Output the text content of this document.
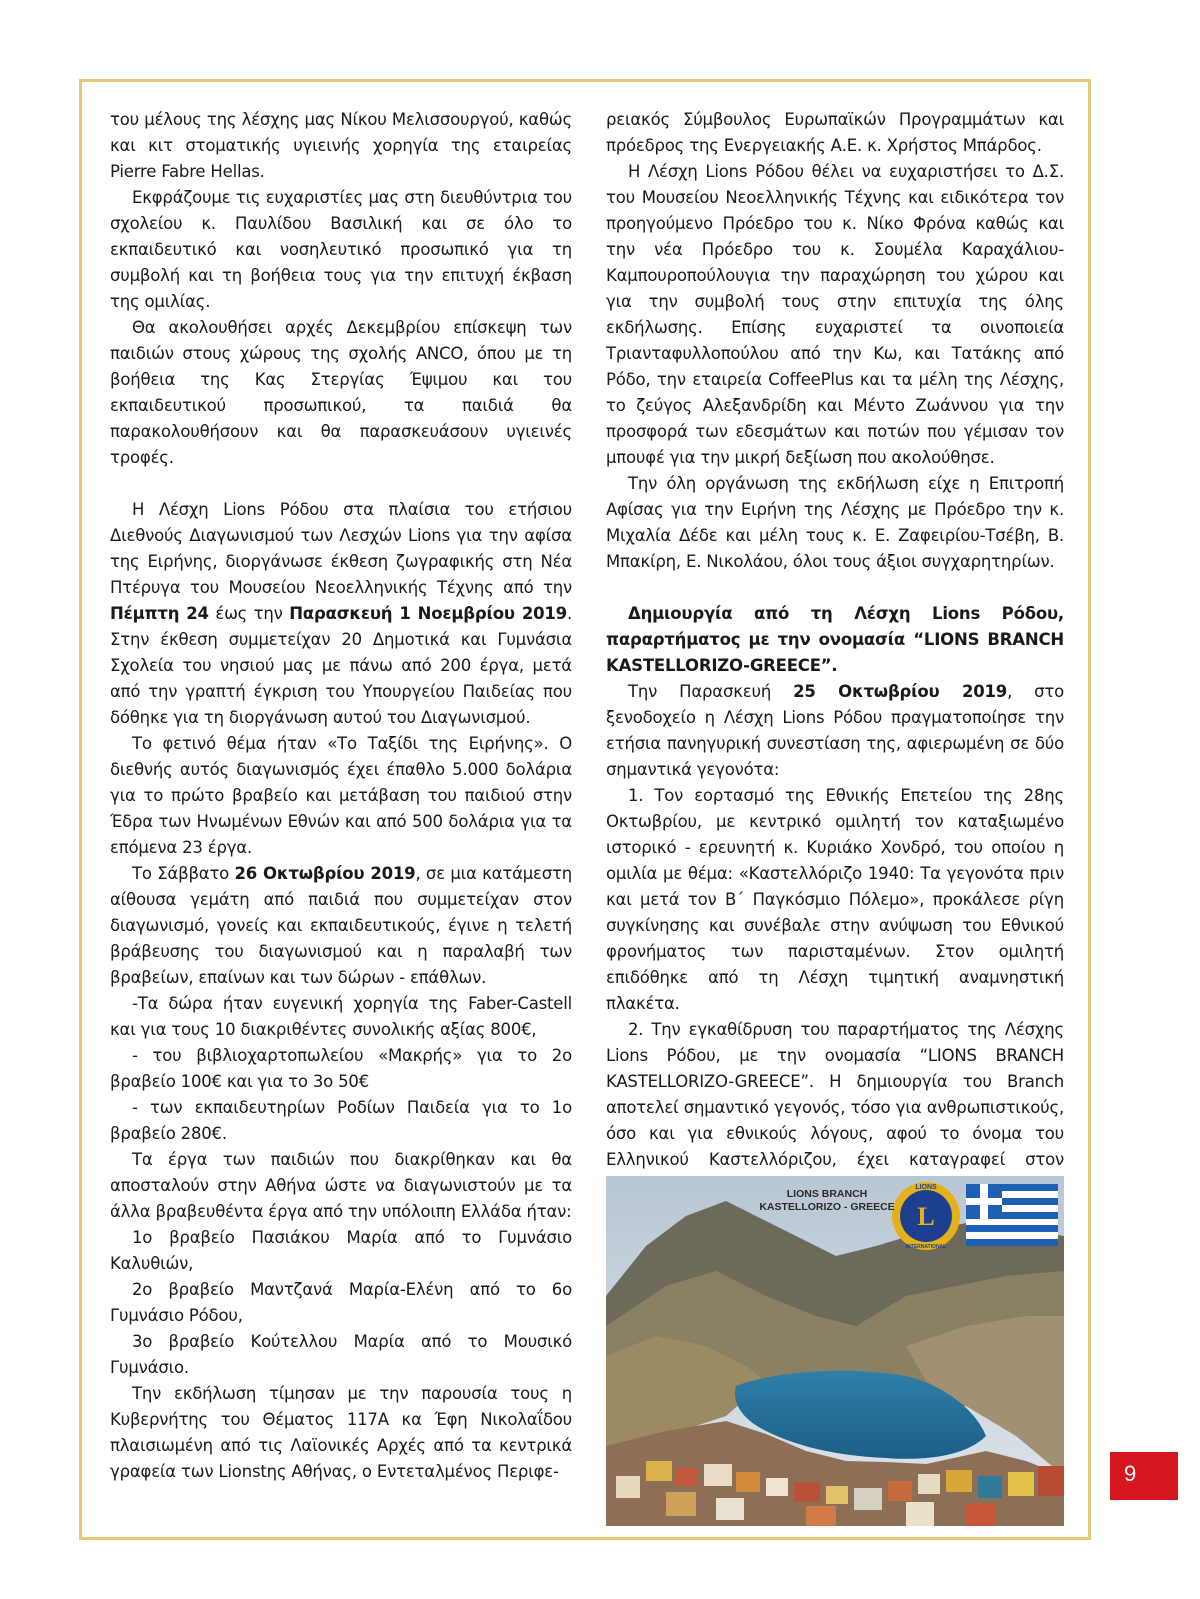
του μέλους της λέσχης μας Νίκου Μελισσουργού, καθώς και κιτ στοματικής υγιεινής χορηγία της εταιρείας Pierre Fabre Hellas.

Εκφράζουμε τις ευχαριστίες μας στη διευθύντρια του σχολείου κ. Παυλίδου Βασιλική και σε όλο το εκπαιδευτικό και νοσηλευτικό προσωπικό για τη συμβολή και τη βοήθεια τους για την επιτυχή έκβαση της ομιλίας.

Θα ακολουθήσει αρχές Δεκεμβρίου επίσκεψη των παιδιών στους χώρους της σχολής ANCO, όπου με τη βοήθεια της Κας Στεργίας Έψιμου και του εκπαιδευτικού προσωπικού, τα παιδιά θα παρακολουθήσουν και θα παρασκευάσουν υγιεινές τροφές.

Η Λέσχη Lions Ρόδου στα πλαίσια του ετήσιου Διεθνούς Διαγωνισμού των Λεσχών Lions για την αφίσα της Ειρήνης, διοργάνωσε έκθεση ζωγραφικής στη Νέα Πτέρυγα του Μουσείου Νεοελληνικής Τέχνης από την Πέμπτη 24 έως την Παρασκευή 1 Νοεμβρίου 2019. Στην έκθεση συμμετείχαν 20 Δημοτικά και Γυμνάσια Σχολεία του νησιού μας με πάνω από 200 έργα, μετά από την γραπτή έγκριση του Υπουργείου Παιδείας που δόθηκε για τη διοργάνωση αυτού του Διαγωνισμού.

Το φετινό θέμα ήταν «Το Ταξίδι της Ειρήνης». Ο διεθνής αυτός διαγωνισμός έχει έπαθλο 5.000 δολάρια για το πρώτο βραβείο και μετάβαση του παιδιού στην Έδρα των Ηνωμένων Εθνών και από 500 δολάρια για τα επόμενα 23 έργα.

Το Σάββατο 26 Οκτωβρίου 2019, σε μια κατάμεστη αίθουσα γεμάτη από παιδιά που συμμετείχαν στον διαγωνισμό, γονείς και εκπαιδευτικούς, έγινε η τελετή βράβευσης του διαγωνισμού και η παραλαβή των βραβείων, επαίνων και των δώρων - επάθλων.

-Τα δώρα ήταν ευγενική χορηγία της Faber-Castell και για τους 10 διακριθέντες συνολικής αξίας 800€,

- του βιβλιοχαρτοπωλείου «Μακρής» για το 2ο βραβείο 100€ και για το 3ο 50€

- των εκπαιδευτηρίων Ροδίων Παιδεία για το 1ο βραβείο 280€.

Τα έργα των παιδιών που διακρίθηκαν και θα αποσταλούν στην Αθήνα ώστε να διαγωνιστούν με τα άλλα βραβευθέντα έργα από την υπόλοιπη Ελλάδα ήταν:

1ο βραβείο Πασιάκου Μαρία από το Γυμνάσιο Καλυθιών,

2ο βραβείο Μαντζανά Μαρία-Ελένη από το 6ο Γυμνάσιο Ρόδου,

3ο βραβείο Κούτελλου Μαρία από το Μουσικό Γυμνάσιο.

Την εκδήλωση τίμησαν με την παρουσία τους η Κυβερνήτης του Θέματος 117Α κα Έφη Νικολαΐδου πλαισιωμένη από τις Λαϊονικές Αρχές από τα κεντρικά γραφεία των Lionstης Αθήνας, ο Εντεταλμένος Περιφε-

ρειακός Σύμβουλος Ευρωπαϊκών Προγραμμάτων και πρόεδρος της Ενεργειακής Α.Ε. κ. Χρήστος Μπάρδος.

Η Λέσχη Lions Ρόδου θέλει να ευχαριστήσει το Δ.Σ. του Μουσείου Νεοελληνικής Τέχνης και ειδικότερα τον προηγούμενο Πρόεδρο του κ. Νίκο Φρόνα καθώς και την νέα Πρόεδρο του κ. Σουμέλα Καραχάλιου-Καμπουροπούλουγια την παραχώρηση του χώρου και για την συμβολή τους στην επιτυχία της όλης εκδήλωσης. Επίσης ευχαριστεί τα οινοποιεία Τριανταφυλλοπούλου από την Κω, και Τατάκης από Ρόδο, την εταιρεία CoffeePlus και τα μέλη της Λέσχης, το ζεύγος Αλεξανδρίδη και Μέντο Ζωάννου για την προσφορά των εδεσμάτων και ποτών που γέμισαν τον μπουφέ για την μικρή δεξίωση που ακολούθησε.

Την όλη οργάνωση της εκδήλωση είχε η Επιτροπή Αφίσας για την Ειρήνη της Λέσχης με Πρόεδρο την κ. Μιχαλία Δέδε και μέλη τους κ. Ε. Ζαφειρίου-Τσέβη, Β. Μπακίρη, Ε. Νικολάου, όλοι τους άξιοι συγχαρητηρίων.

Δημιουργία από τη Λέσχη Lions Ρόδου, παραρτήματος με την ονομασία “LIONS BRANCH KASTELLORIZO-GREECE”.

Την Παρασκευή 25 Οκτωβρίου 2019, στο ξενοδοχείο η Λέσχη Lions Ρόδου πραγματοποίησε την ετήσια πανηγυρική συνεστίαση της, αφιερωμένη σε δύο σημαντικά γεγονότα:

1. Τον εορτασμό της Εθνικής Επετείου της 28ης Οκτωβρίου, με κεντρικό ομιλητή τον καταξιωμένο ιστορικό - ερευνητή κ. Κυριάκο Χονδρό, του οποίου η ομιλία με θέμα: «Καστελλόριζο 1940: Τα γεγονότα πριν και μετά τον Β΄ Παγκόσμιο Πόλεμο», προκάλεσε ρίγη συγκίνησης και συνέβαλε στην ανύψωση του Εθνικού φρονήματος των παρισταμένων. Στον ομιλητή επιδόθηκε από τη Λέσχη τιμητική αναμνηστική πλακέτα.

2. Την εγκαθίδρυση του παραρτήματος της Λέσχης Lions Ρόδου, με την ονομασία “LIONS BRANCH KASTELLORIZO-GREECE”. Η δημιουργία του Branch αποτελεί σημαντικό γεγονός, τόσο για ανθρωπιστικούς, όσο και για εθνικούς λόγους, αφού το όνομα του Ελληνικού Καστελλόριζου, έχει καταγραφεί στον

L
LIONS
INTERNATIONAL
LIONS BRANCH
KASTELLORIZO - GREECE
9
